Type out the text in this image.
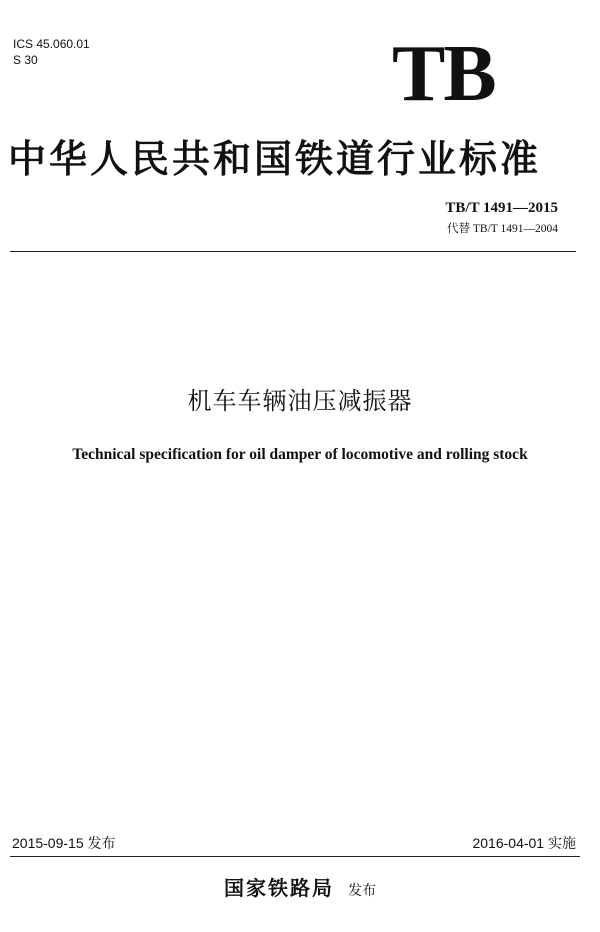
ICS 45.060.01
S 30	TB
中华人民共和国铁道行业标准
TB/T 1491—2015
代替 TB/T 1491—2004
机车车辆油压减振器
Technical specification for oil damper of locomotive and rolling stock
2015-09-15 发布	2016-04-01 实施
国家铁路局 发布
